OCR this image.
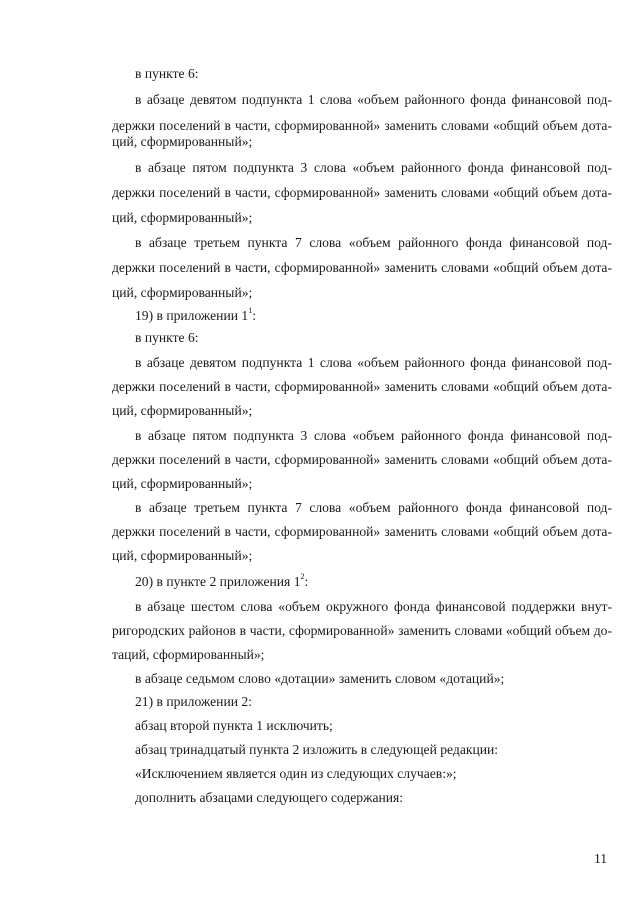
в пункте 6:
в абзаце девятом подпункта 1 слова «объем районного фонда финансовой под-
держки поселений в части, сформированной» заменить словами «общий объем дота-
ций, сформированный»;
в абзаце пятом подпункта 3 слова «объем районного фонда финансовой под-
держки поселений в части, сформированной» заменить словами «общий объем дота-
ций, сформированный»;
в абзаце третьем пункта 7 слова «объем районного фонда финансовой под-
держки поселений в части, сформированной» заменить словами «общий объем дота-
ций, сформированный»;
19) в приложении $1^1$:
в пункте 6:
в абзаце девятом подпункта 1 слова «объем районного фонда финансовой под-
держки поселений в части, сформированной» заменить словами «общий объем дота-
ций, сформированный»;
в абзаце пятом подпункта 3 слова «объем районного фонда финансовой под-
держки поселений в части, сформированной» заменить словами «общий объем дота-
ций, сформированный»;
в абзаце третьем пункта 7 слова «объем районного фонда финансовой под-
держки поселений в части, сформированной» заменить словами «общий объем дота-
ций, сформированный»;
20) в пункте 2 приложения $1^2$:
в абзаце шестом слова «объем окружного фонда финансовой поддержки внут-
ригородских районов в части, сформированной» заменить словами «общий объем до-
таций, сформированный»;
в абзаце седьмом слово «дотации» заменить словом «дотаций»;
21) в приложении 2:
абзац второй пункта 1 исключить;
абзац тринадцатый пункта 2 изложить в следующей редакции:
«Исключением является один из следующих случаев:»;
дополнить абзацами следующего содержания:
11
